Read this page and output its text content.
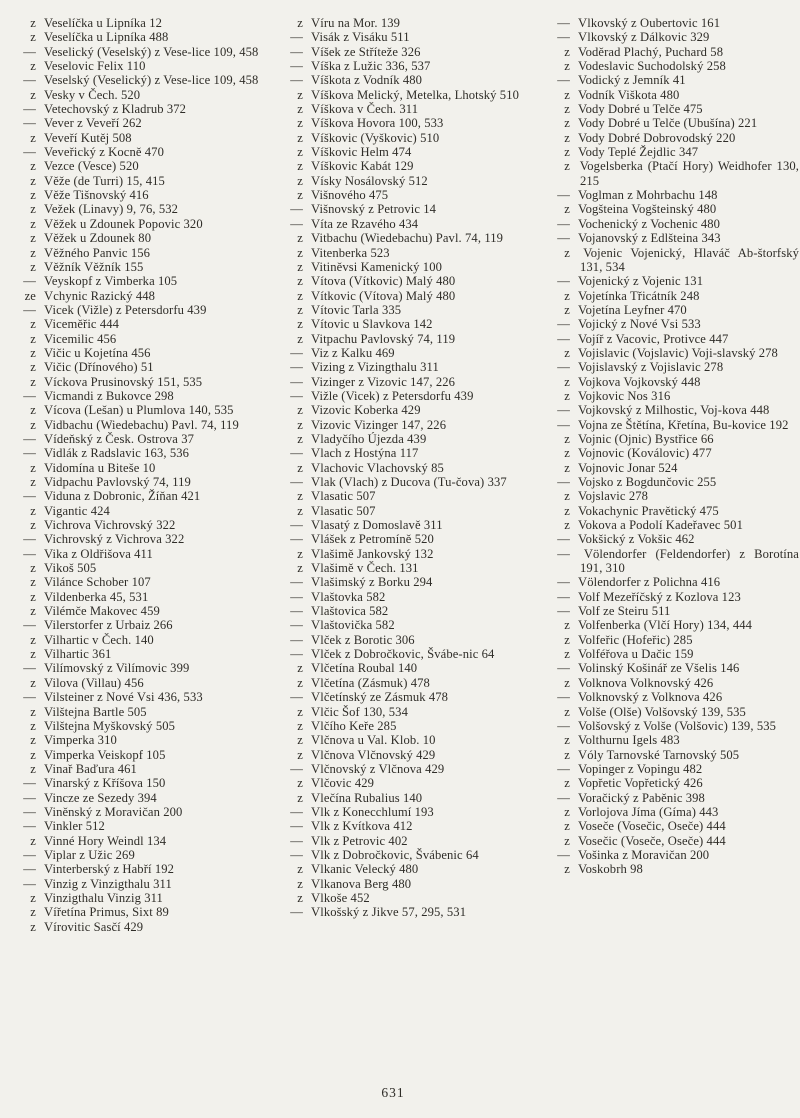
z Veselíčka u Lipníka 12
z Veselíčka u Lipníka 488
— Veselický (Veselský) z Vese-lice 109, 458
z Veselovic Felix 110
— Veselský (Veselický) z Vese-lice 109, 458
z Vesky v Čech. 520
— Vetechovský z Kladrub 372
— Vever z Veveří 262
z Veveří Kutěj 508
— Veveřický z Kocně 470
z Vezce (Vesce) 520
z Věže (de Turri) 15, 415
z Věže Tišnovský 416
z Vežek (Linavy) 9, 76, 532
z Věžek u Zdounek Popovic 320
z Věžek u Zdounek 80
z Věžného Panvic 156
z Věžník Věžník 155
— Veyskopf z Vimberka 105
ze Vchynic Razický 448
— Vicek (Vižle) z Petersdorfu 439
z Viceměřic 444
z Vicemilic 456
z Vičic u Kojetína 456
z Vičic (Dřínového) 51
z Víckova Prusinovský 151, 535
— Vicmandi z Bukovce 298
z Vícova (Lešan) u Plumlova 140, 535
z Vidbachu (Wiedebachu) Pavl. 74, 119
— Vídeňský z Česk. Ostrova 37
— Vidlák z Radslavic 163, 536
z Vidomína u Biteše 10
z Vidpachu Pavlovský 74, 119
— Viduna z Dobronic, Žíňan 421
z Vigantic 424
z Vichrova Vichrovský 322
— Vichrovský z Vichrova 322
— Vika z Oldřišova 411
z Vikoš 505
z Vilánce Schober 107
z Vildenberka 45, 531
z Vilémče Makovec 459
— Vilerstorfer z Urbaiz 266
z Vilhartic v Čech. 140
z Vilhartic 361
— Vilímovský z Vilímovic 399
z Vilova (Villau) 456
— Vilsteiner z Nové Vsi 436, 533
z Vilštejna Bartle 505
z Vilštejna Myškovský 505
z Vimperka 310
z Vimperka Veiskopf 105
z Vinař Baďura 461
— Vinarský z Kříšova 150
— Vincze ze Sezedy 394
— Viněnský z Moravičan 200
— Vinkler 512
z Vinné Hory Weindl 134
— Viplar z Užic 269
— Vinterberský z Habří 192
— Vinzig z Vinzigthalu 311
z Vinzigthalu Vinzig 311
z Vířetína Primus, Sixt 89
z Vírovitic Sasčí 429
z Víru na Mor. 139
— Visák z Visáku 511
— Víšek ze Stříteže 326
— Víška z Lužic 336, 537
— Víškota z Vodník 480
z Víškova Melický, Metelka, Lhotský 510
z Víškova v Čech. 311
z Víškova Hovora 100, 533
z Víškovic (Vyškovic) 510
z Víškovic Helm 474
z Víškovic Kabát 129
z Vísky Nosálovský 512
z Višnového 475
— Višnovský z Petrovic 14
— Víta ze Rzavého 434
z Vitbachu (Wiedebachu) Pavl. 74, 119
z Vitenberka 523
z Vitiněvsi Kamenický 100
z Vítova (Vítkovic) Malý 480
z Vítkovic (Vítova) Malý 480
z Vítovic Tarla 335
z Vítovic u Slavkova 142
z Vitpachu Pavlovský 74, 119
— Viz z Kalku 469
— Vizing z Vizingthalu 311
— Vizinger z Vizovic 147, 226
— Vižle (Vicek) z Petersdorfu 439
z Vizovic Koberka 429
z Vizovic Vizinger 147, 226
z Vladyčího Újezda 439
— Vlach z Hostýna 117
z Vlachovic Vlachovský 85
— Vlak (Vlach) z Ducova (Tu-čova) 337
z Vlasatic 507
z Vlasatic 507
— Vlasatý z Domoslavě 311
— Vlášek z Petromíně 520
z Vlašimě Jankovský 132
z Vlašimě v Čech. 131
— Vlašimský z Borku 294
— Vlaštovka 582
— Vlaštovica 582
— Vlaštovička 582
— Vlček z Borotic 306
— Vlček z Dobročkovic, Švábe-nic 64
z Vlčetína Roubal 140
z Vlčetína (Zásmuk) 478
— Vlčetínský ze Zásmuk 478
z Vlčic Šof 130, 534
z Vlčího Keře 285
z Vlčnova u Val. Klob. 10
z Vlčnova Vlčnovský 429
— Vlčnovský z Vlčnova 429
z Vlčovic 429
z Vlečína Rubalius 140
— Vlk z Konecchlumí 193
— Vlk z Kvítkova 412
— Vlk z Petrovic 402
— Vlk z Dobročkovic, Švábenic 64
z Vlkanic Velecký 480
z Vlkanova Berg 480
z Vlkoše 452
— Vlkošský z Jikve 57, 295, 531
— Vlkovský z Oubertovic 161
— Vlkovský z Dálkovic 329
z Voděrad Plachý, Puchard 58
z Vodeslavic Suchodolský 258
— Vodický z Jemník 41
z Vodník Viškota 480
z Vody Dobré u Telče 475
z Vody Dobré u Telče (Ubušína) 221
z Vody Dobré Dobrovodský 220
z Vody Teplé Žejdlic 347
z Vogelsberka (Ptačí Hory) Weidhofer 130, 215
— Voglman z Mohrbachu 148
z Vogšteina Vogšteinský 480
— Vochenický z Vochenic 480
— Vojanovský z Edlšteina 343
z Vojenic Vojenický, Hlaváč Ab-štorfský 131, 534
— Vojenický z Vojenic 131
z Vojetínka Třicátník 248
z Vojetína Leyfner 470
— Vojický z Nové Vsi 533
— Vojíř z Vacovic, Protivce 447
z Vojislavic (Vojslavic) Voji-slavský 278
— Vojislavský z Vojislavic 278
z Vojkova Vojkovský 448
z Vojkovic Nos 316
— Vojkovský z Milhostic, Voj-kova 448
— Vojna ze Štětína, Křetína, Bu-kovice 192
z Vojnic (Ojnic) Bystřice 66
z Vojnovic (Koválovic) 477
z Vojnovic Jonar 524
— Vojsko z Bogdunčovic 255
z Vojslavic 278
z Vokachynic Pravětický 475
z Vokova a Podolí Kadeřavec 501
— Vokšický z Vokšic 462
— Völendorfer (Feldendorfer) z Borotína 191, 310
— Völendorfer z Polichna 416
— Volf Mezeříčský z Kozlova 123
— Volf ze Steiru 511
z Volfenberka (Vlčí Hory) 134, 444
z Volfeřic (Hofeřic) 285
z Volféřova u Dačic 159
— Volinský Košinář ze Všelis 146
z Volknova Volknovský 426
— Volknovský z Volknova 426
z Volše (Olše) Volšovský 139, 535
— Volšovský z Volše (Volšovic) 139, 535
z Volthurnu Igels 483
z Vóly Tarnovské Tarnovský 505
— Vopinger z Vopingu 482
z Vopřetic Vopřetický 426
— Voračický z Paběnic 398
z Vorlojova Jíma (Gíma) 443
z Voseče (Vosečic, Oseče) 444
z Vosečic (Voseče, Oseče) 444
— Vošinka z Moravičan 200
z Voskobrh 98
631
